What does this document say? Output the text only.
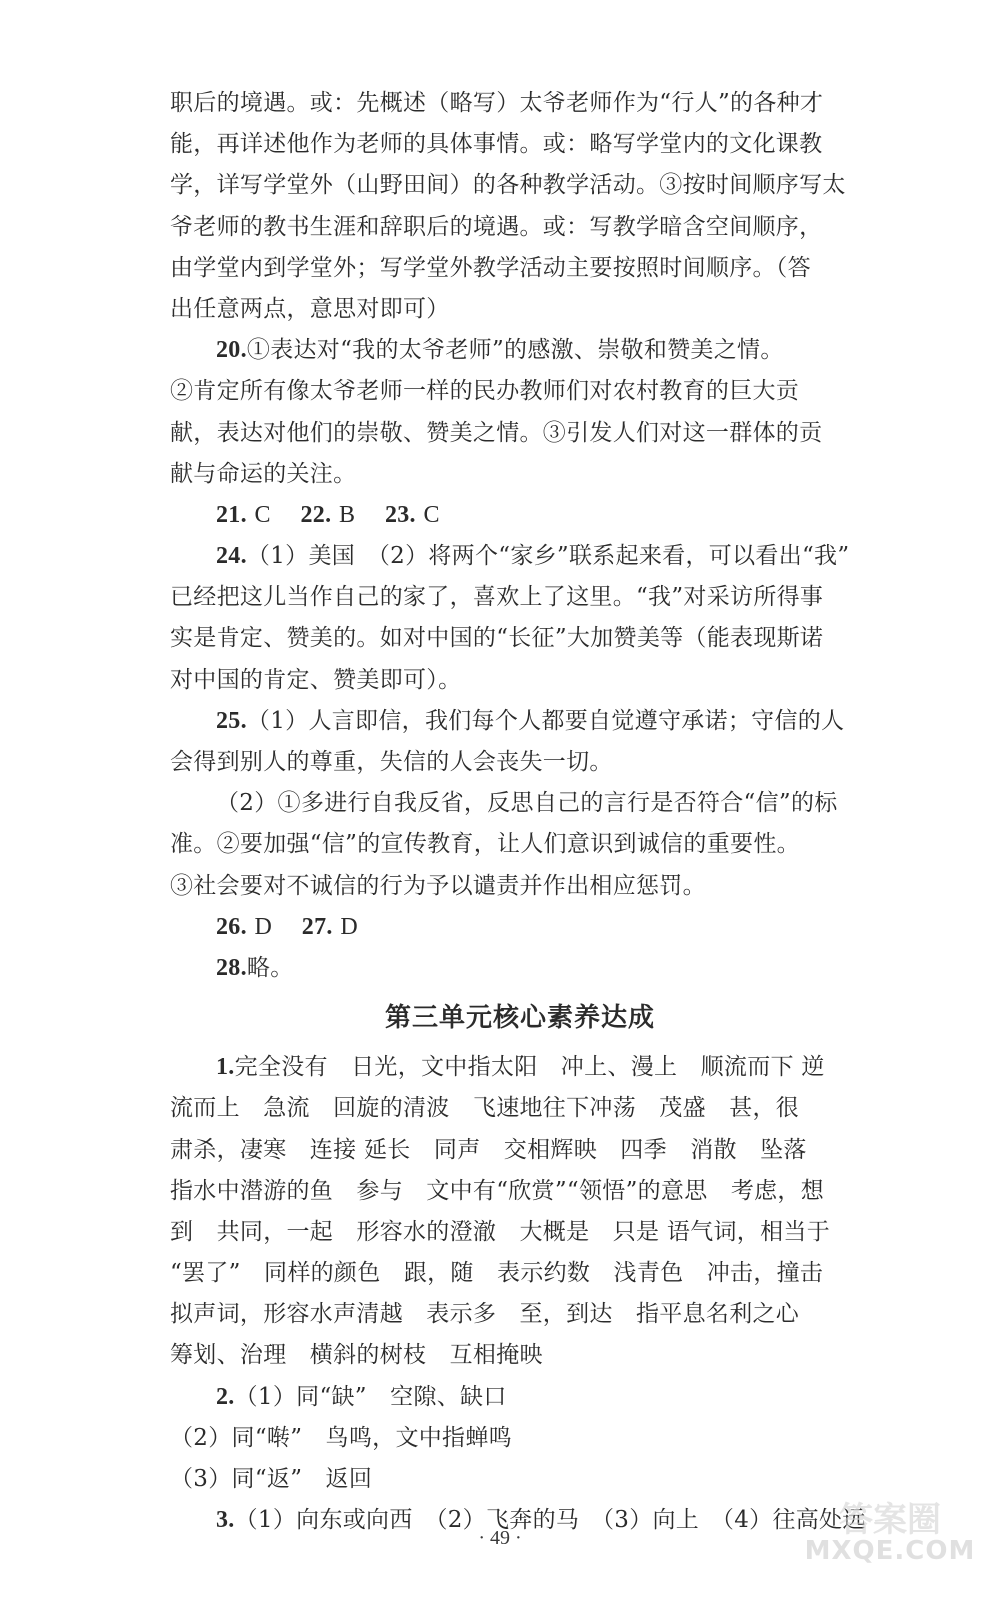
职后的境遇。或：先概述（略写）太爷老师作为“行人”的各种才
能，再详述他作为老师的具体事情。或：略写学堂内的文化课教
学，详写学堂外（山野田间）的各种教学活动。③按时间顺序写太
爷老师的教书生涯和辞职后的境遇。或：写教学暗含空间顺序，
由学堂内到学堂外；写学堂外教学活动主要按照时间顺序。（答
出任意两点，意思对即可）
20.①表达对“我的太爷老师”的感激、崇敬和赞美之情。
②肯定所有像太爷老师一样的民办教师们对农村教育的巨大贡
献，表达对他们的崇敬、赞美之情。③引发人们对这一群体的贡
献与命运的关注。
21. C 22. B 23. C
24.（1）美国　（2）将两个“家乡”联系起来看，可以看出“我”
已经把这儿当作自己的家了，喜欢上了这里。“我”对采访所得事
实是肯定、赞美的。如对中国的“长征”大加赞美等（能表现斯诺
对中国的肯定、赞美即可）。
25.（1）人言即信，我们每个人都要自觉遵守承诺；守信的人
会得到别人的尊重，失信的人会丧失一切。
（2）①多进行自我反省，反思自己的言行是否符合“信”的标
准。②要加强“信”的宣传教育，让人们意识到诚信的重要性。
③社会要对不诚信的行为予以谴责并作出相应惩罚。
26. D 27. D
28.略。
第三单元核心素养达成
1.完全没有　日光，文中指太阳　冲上、漫上　顺流而下 逆
流而上　急流　回旋的清波　飞速地往下冲荡　茂盛　甚，很
肃杀，凄寒　连接 延长　同声　交相辉映　四季　消散　坠落
指水中潜游的鱼　参与　文中有“欣赏”“领悟”的意思　考虑，想
到　共同，一起　形容水的澄澈　大概是　只是 语气词，相当于
“罢了”　同样的颜色　跟，随　表示约数　浅青色　冲击，撞击
拟声词，形容水声清越　表示多　至，到达　指平息名利之心
筹划、治理　横斜的树枝　互相掩映
2.（1）同“缺”　空隙、缺口
（2）同“啭”　鸟鸣，文中指蝉鸣
（3）同“返”　返回
3.（1）向东或向西　（2）飞奔的马　（3）向上　（4）往高处远
· 49 ·	答案圈
MXQE.COM
